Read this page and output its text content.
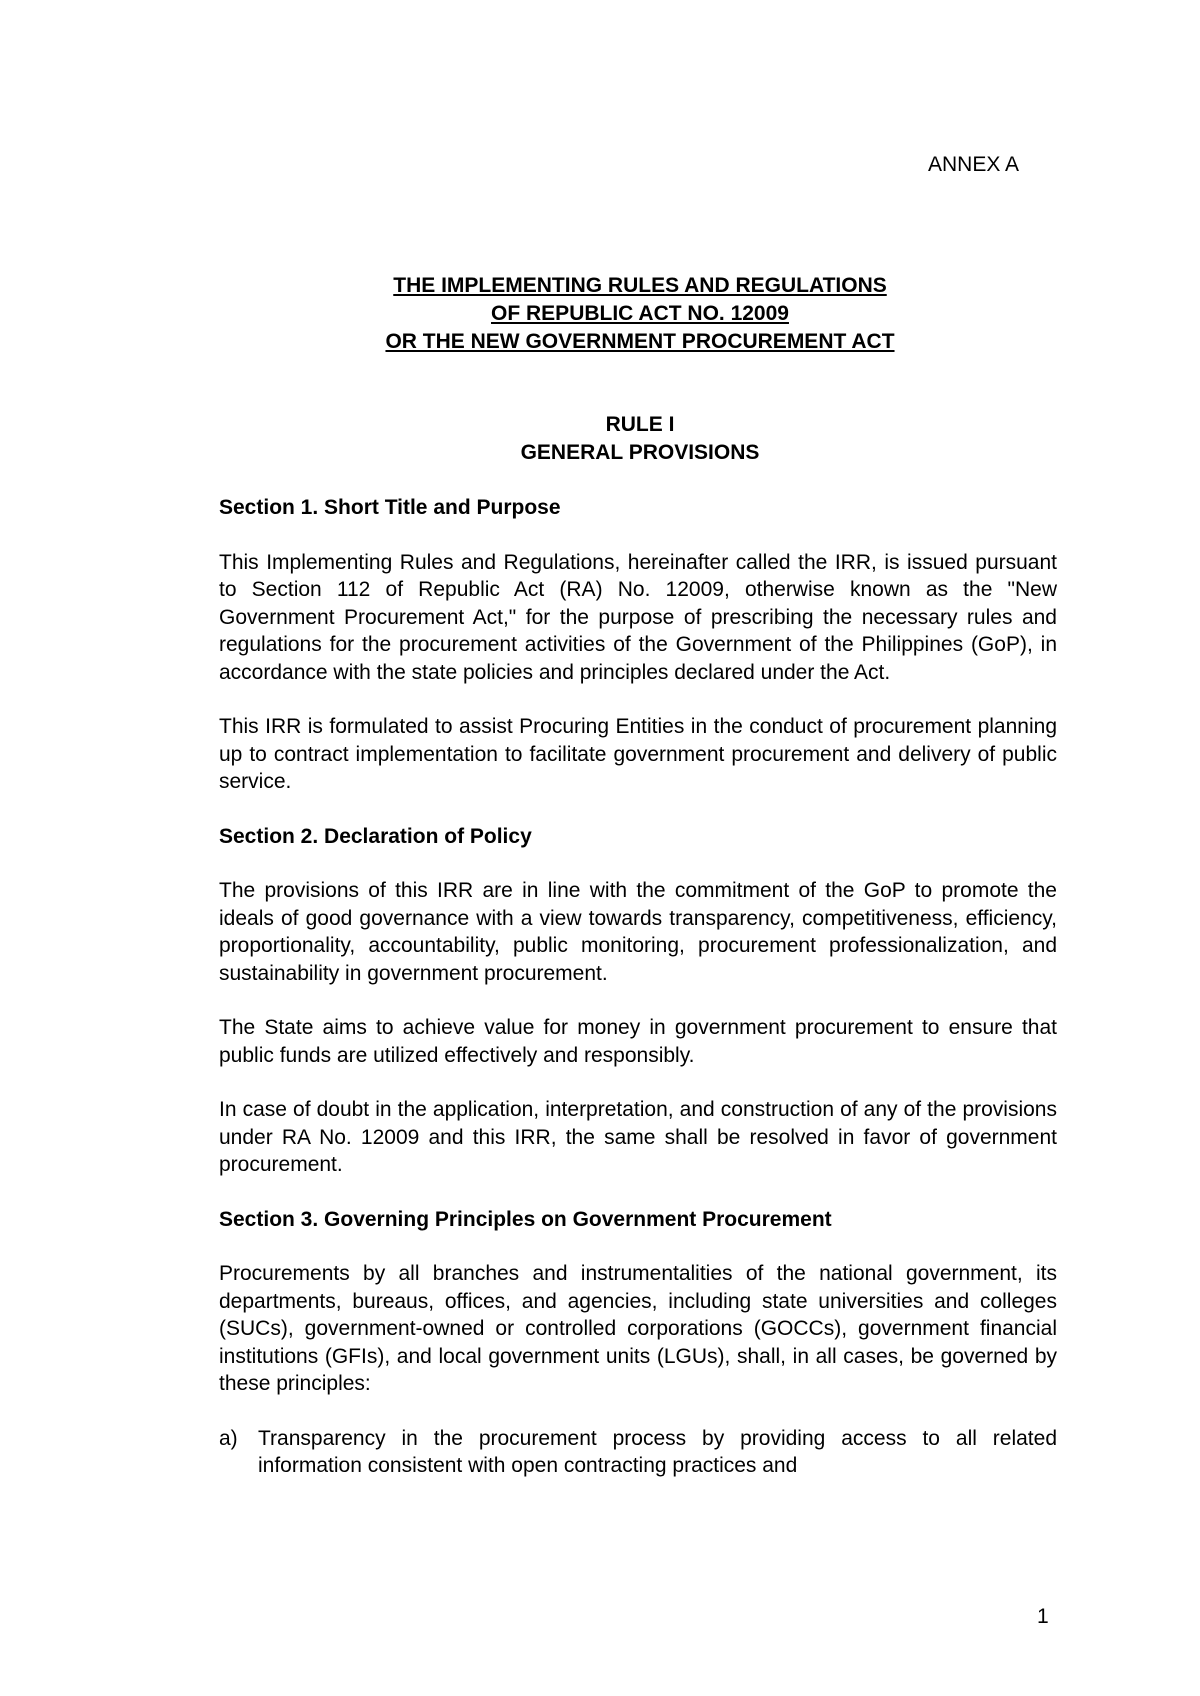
ANNEX A
THE IMPLEMENTING RULES AND REGULATIONS
OF REPUBLIC ACT NO. 12009
OR THE NEW GOVERNMENT PROCUREMENT ACT
RULE I
GENERAL PROVISIONS
Section 1. Short Title and Purpose

This Implementing Rules and Regulations, hereinafter called the IRR, is issued pursuant to Section 112 of Republic Act (RA) No. 12009, otherwise known as the "New Government Procurement Act," for the purpose of prescribing the necessary rules and regulations for the procurement activities of the Government of the Philippines (GoP), in accordance with the state policies and principles declared under the Act.

This IRR is formulated to assist Procuring Entities in the conduct of procurement planning up to contract implementation to facilitate government procurement and delivery of public service.

Section 2. Declaration of Policy

The provisions of this IRR are in line with the commitment of the GoP to promote the ideals of good governance with a view towards transparency, competitiveness, efficiency, proportionality, accountability, public monitoring, procurement professionalization, and sustainability in government procurement.

The State aims to achieve value for money in government procurement to ensure that public funds are utilized effectively and responsibly.

In case of doubt in the application, interpretation, and construction of any of the provisions under RA No. 12009 and this IRR, the same shall be resolved in favor of government procurement.

Section 3. Governing Principles on Government Procurement

Procurements by all branches and instrumentalities of the national government, its departments, bureaus, offices, and agencies, including state universities and colleges (SUCs), government-owned or controlled corporations (GOCCs), government financial institutions (GFIs), and local government units (LGUs), shall, in all cases, be governed by these principles:

a) Transparency in the procurement process by providing access to all related information consistent with open contracting practices and
1
